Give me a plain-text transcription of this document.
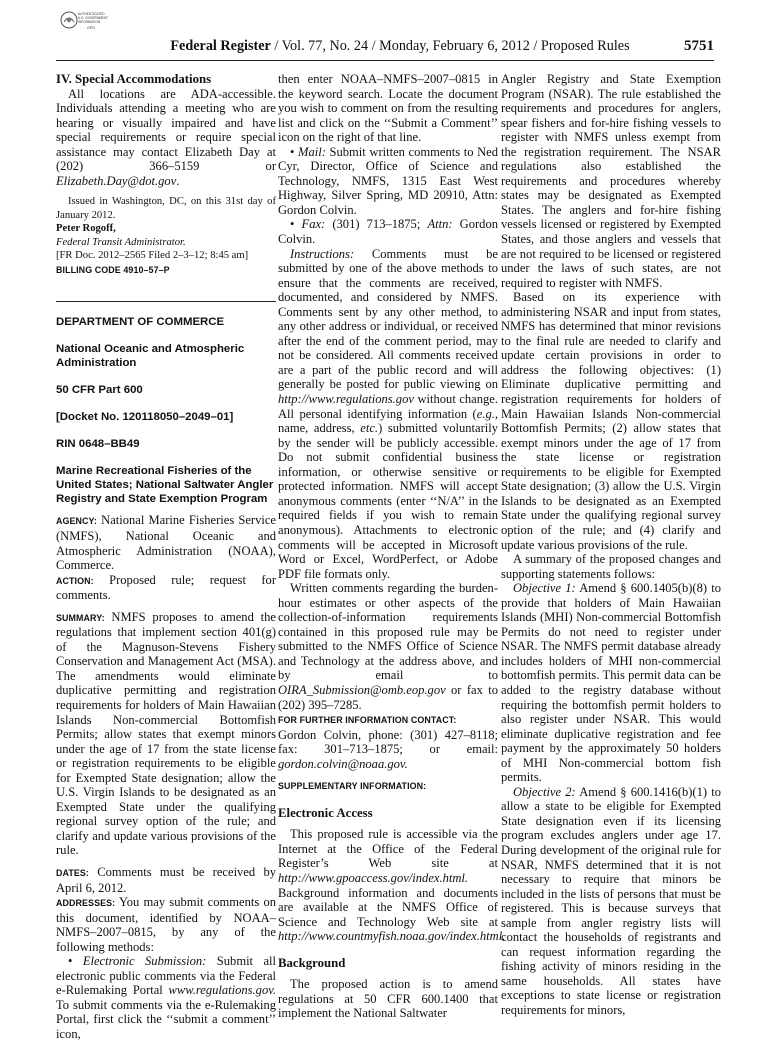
AUTHENTICATED
U.S. GOVERNMENT
INFORMATION
GPO
Federal Register / Vol. 77, No. 24 / Monday, February 6, 2012 / Proposed Rules	5751

IV. Special Accommodations

All locations are ADA-accessible. Individuals attending a meeting who are hearing or visually impaired and have special requirements or require special assistance may contact Elizabeth Day at (202) 366–5159 or Elizabeth.Day@dot.gov.

Issued in Washington, DC, on this 31st day of January 2012.

Peter Rogoff,

Federal Transit Administrator.

[FR Doc. 2012–2565 Filed 2–3–12; 8:45 am]

BILLING CODE 4910–57–P

DEPARTMENT OF COMMERCE

National Oceanic and Atmospheric Administration

50 CFR Part 600

[Docket No. 120118050–2049–01]

RIN 0648–BB49

Marine Recreational Fisheries of the United States; National Saltwater Angler Registry and State Exemption Program

AGENCY: National Marine Fisheries Service (NMFS), National Oceanic and Atmospheric Administration (NOAA), Commerce.

ACTION: Proposed rule; request for comments.

SUMMARY: NMFS proposes to amend the regulations that implement section 401(g) of the Magnuson-Stevens Fishery Conservation and Management Act (MSA). The amendments would eliminate duplicative permitting and registration requirements for holders of Main Hawaiian Islands Non-commercial Bottomfish Permits; allow states that exempt minors under the age of 17 from the state license or registration requirements to be eligible for Exempted State designation; allow the U.S. Virgin Islands to be designated as an Exempted State under the qualifying regional survey option of the rule; and clarify and update various provisions of the rule.

DATES: Comments must be received by April 6, 2012.

ADDRESSES: You may submit comments on this document, identified by NOAA–NMFS–2007–0815, by any of the following methods:

• Electronic Submission: Submit all electronic public comments via the Federal e-Rulemaking Portal www.regulations.gov. To submit comments via the e-Rulemaking Portal, first click the ‘‘submit a comment’’ icon,

then enter NOAA–NMFS–2007–0815 in the keyword search. Locate the document you wish to comment on from the resulting list and click on the ‘‘Submit a Comment’’ icon on the right of that line.

• Mail: Submit written comments to Ned Cyr, Director, Office of Science and Technology, NMFS, 1315 East West Highway, Silver Spring, MD 20910, Attn: Gordon Colvin.

• Fax: (301) 713–1875; Attn: Gordon Colvin.

Instructions: Comments must be submitted by one of the above methods to ensure that the comments are received, documented, and considered by NMFS. Comments sent by any other method, to any other address or individual, or received after the end of the comment period, may not be considered. All comments received are a part of the public record and will generally be posted for public viewing on http://www.regulations.gov without change. All personal identifying information (e.g., name, address, etc.) submitted voluntarily by the sender will be publicly accessible. Do not submit confidential business information, or otherwise sensitive or protected information. NMFS will accept anonymous comments (enter ‘‘N/A’’ in the required fields if you wish to remain anonymous). Attachments to electronic comments will be accepted in Microsoft Word or Excel, WordPerfect, or Adobe PDF file formats only.

Written comments regarding the burden-hour estimates or other aspects of the collection-of-information requirements contained in this proposed rule may be submitted to the NMFS Office of Science and Technology at the address above, and by email to OIRA_Submission@omb.eop.gov or fax to (202) 395–7285.

FOR FURTHER INFORMATION CONTACT:
Gordon Colvin, phone: (301) 427–8118; fax: 301–713–1875; or email: gordon.colvin@noaa.gov.

SUPPLEMENTARY INFORMATION:

Electronic Access

This proposed rule is accessible via the Internet at the Office of the Federal Register’s Web site at http://www.gpoaccess.gov/index.html. Background information and documents are available at the NMFS Office of Science and Technology Web site at http://www.countmyfish.noaa.gov/index.html.

Background

The proposed action is to amend regulations at 50 CFR 600.1400 that implement the National Saltwater

Angler Registry and State Exemption Program (NSAR). The rule established the requirements and procedures for anglers, spear fishers and for-hire fishing vessels to register with NMFS unless exempt from the registration requirement. The NSAR regulations also established the requirements and procedures whereby states may be designated as Exempted States. The anglers and for-hire fishing vessels licensed or registered by Exempted States, and those anglers and vessels that are not required to be licensed or registered under the laws of such states, are not required to register with NMFS.

Based on its experience with administering NSAR and input from states, NMFS has determined that minor revisions to the final rule are needed to clarify and update certain provisions in order to address the following objectives: (1) Eliminate duplicative permitting and registration requirements for holders of Main Hawaiian Islands Non-commercial Bottomfish Permits; (2) allow states that exempt minors under the age of 17 from the state license or registration requirements to be eligible for Exempted State designation; (3) allow the U.S. Virgin Islands to be designated as an Exempted State under the qualifying regional survey option of the rule; and (4) clarify and update various provisions of the rule.

A summary of the proposed changes and supporting statements follows:

Objective 1: Amend § 600.1405(b)(8) to provide that holders of Main Hawaiian Islands (MHI) Non-commercial Bottomfish Permits do not need to register under NSAR. The NMFS permit database already includes holders of MHI non-commercial bottomfish permits. This permit data can be added to the registry database without requiring the bottomfish permit holders to also register under NSAR. This would eliminate duplicative registration and fee payment by the approximately 50 holders of MHI Non-commercial bottom fish permits.

Objective 2: Amend § 600.1416(b)(1) to allow a state to be eligible for Exempted State designation even if its licensing program excludes anglers under age 17. During development of the original rule for NSAR, NMFS determined that it is not necessary to require that minors be included in the lists of persons that must be registered. This is because surveys that sample from angler registry lists will contact the households of registrants and can request information regarding the fishing activity of minors residing in the same households. All states have exceptions to state license or registration requirements for minors,
